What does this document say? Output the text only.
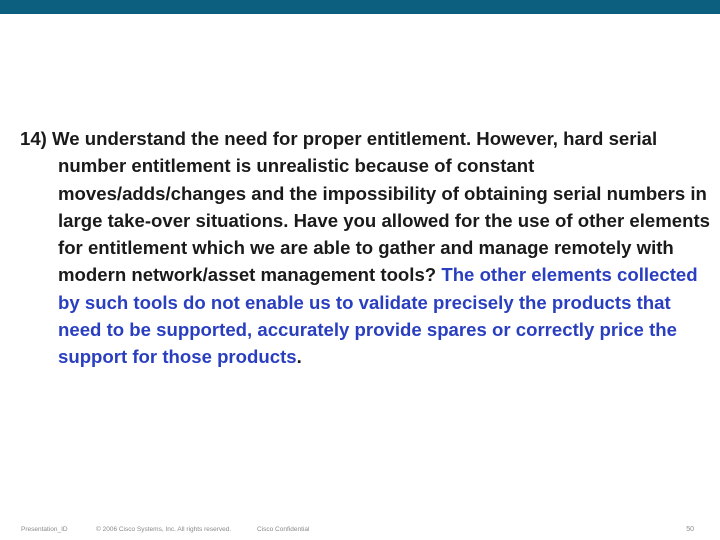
14) We understand the need for proper entitlement. However, hard serial number entitlement is unrealistic because of constant moves/adds/changes and the impossibility of obtaining serial numbers in large take-over situations. Have you allowed for the use of other elements for entitlement which we are able to gather and manage remotely with modern network/asset management tools? The other elements collected by such tools do not enable us to validate precisely the products that need to be supported, accurately provide spares or correctly price the support for those products.

Presentation_ID	© 2006 Cisco Systems, Inc. All rights reserved.	Cisco Confidential	50
